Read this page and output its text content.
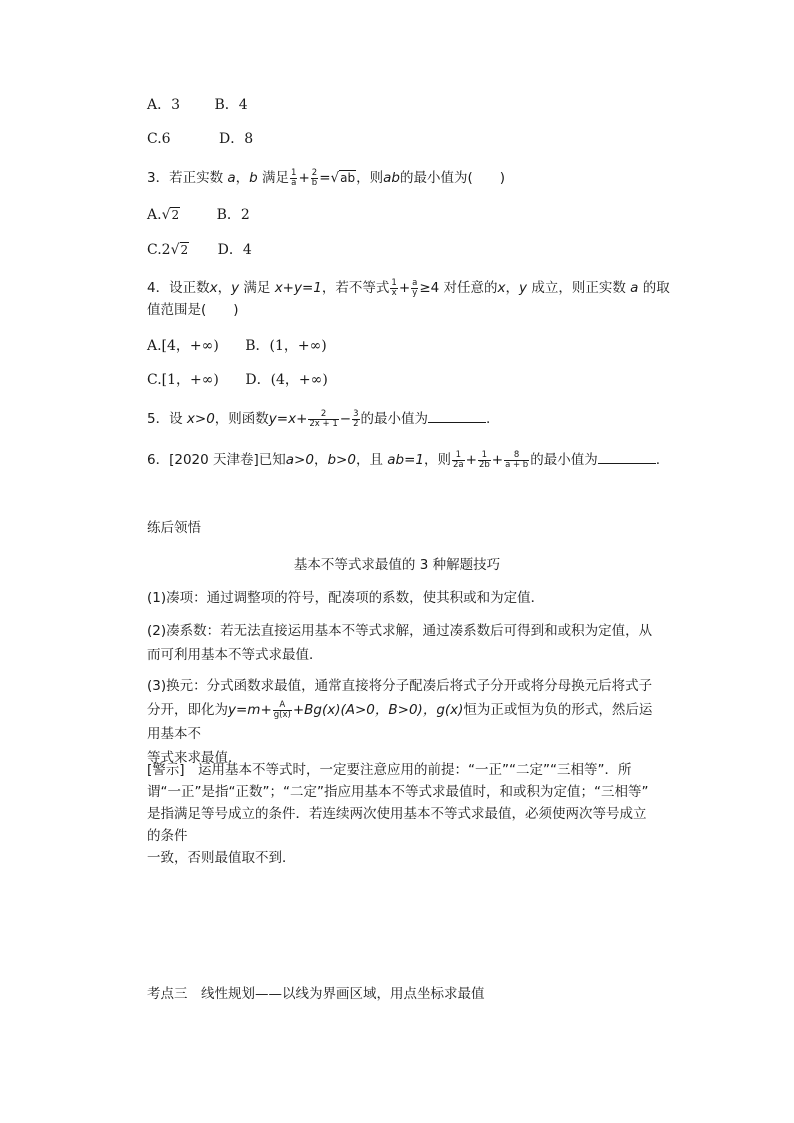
A．3 B．4
C.6	D．8
3．若正实数 a，b 满足 $\frac{1}{a} + \frac{2}{b} =√ab$，则ab的最小值为(　　)
A.√2	B．2
C.2√2 D．4
4．设正数x，y 满足 x+y=1，若不等式 $\frac{1}{x} + \frac{a}{y} \ge 4$ 对任意的x，y 成立，则正实数 a 的取
值范围是(　　)
A.[4，+∞) B．(1，+∞)
C.[1，+∞) D．(4，+∞)
5．设 x>0，则函数$y=x+ \frac{2}{2x + 1} - \frac{3}{2}$ 的最小值为	.
6．[2020 天津卷]已知a>0，b>0，且 ab=1，则 $\frac{1}{2a} + \frac{1}{2b} + \frac{8}{a + b}$ 的最小值为	.
练后领悟
基本不等式求最值的 3 种解题技巧
(1)凑项：通过调整项的符号，配凑项的系数，使其积或和为定值．
(2)凑系数：若无法直接运用基本不等式求解，通过凑系数后可得到和或积为定值，从
而可利用基本不等式求最值．
(3)换元：分式函数求最值，通常直接将分子配凑后将式子分开或将分母换元后将式子
分开，即化为$y=m+ \frac{A}{g(x)} +Bg(x)(A>0$，B>0)，g(x)恒为正或恒为负的形式，然后运用基本不
等式来求最值．
[警示]　运用基本不等式时，一定要注意应用的前提：“一正”“二定”“三相等”．所
谓“一正”是指“正数”；“二定”指应用基本不等式求最值时，和或积为定值；“三相等”
是指满足等号成立的条件．若连续两次使用基本不等式求最值，必须使两次等号成立的条件
一致，否则最值取不到．
考点三　线性规划——以线为界画区域，用点坐标求最值
